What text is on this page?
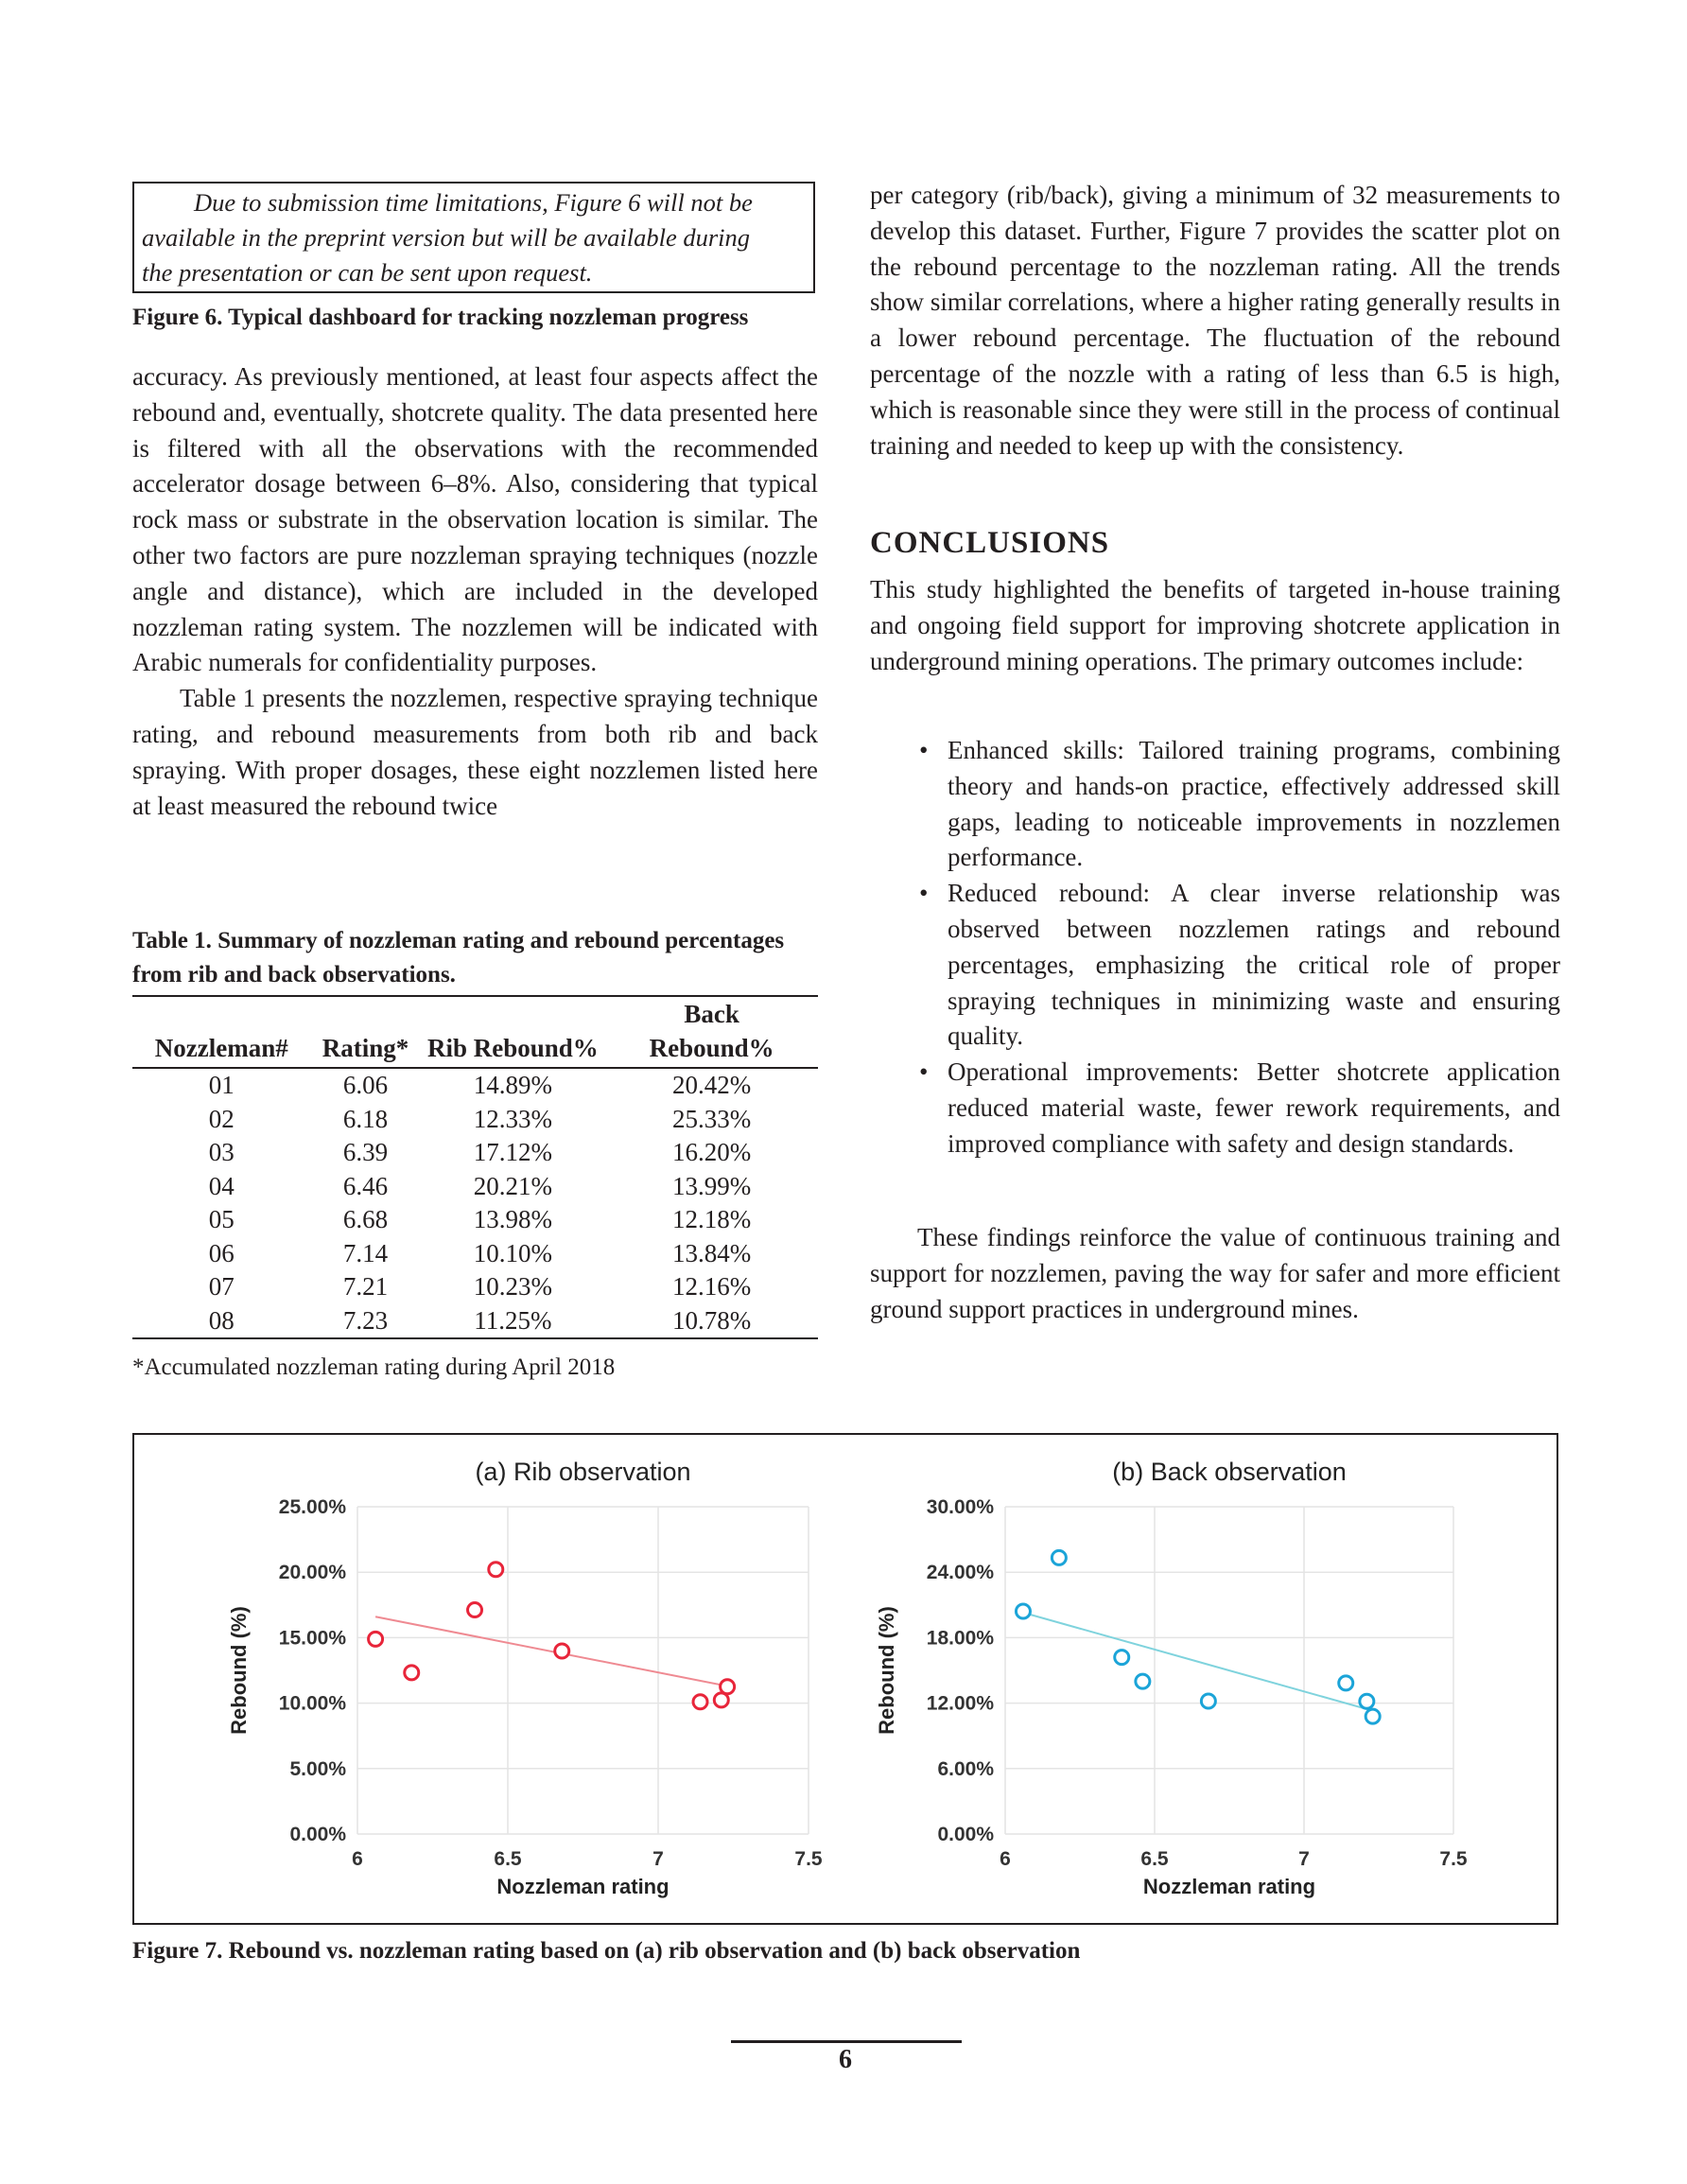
Due to submission time limitations, Figure 6 will not be
available in the preprint version but will be available during
the presentation or can be sent upon request.
Figure 6. Typical dashboard for tracking nozzleman progress

accuracy. As previously mentioned, at least four aspects affect the rebound and, eventually, shotcrete quality. The data presented here is filtered with all the observations with the recommended accelerator dosage between 6–8%. Also, considering that typical rock mass or substrate in the observation location is similar. The other two factors are pure nozzleman spraying techniques (nozzle angle and distance), which are included in the developed nozzleman rating system. The nozzlemen will be indicated with Arabic numerals for confidentiality purposes.

Table 1 presents the nozzlemen, respective spraying technique rating, and rebound measurements from both rib and back spraying. With proper dosages, these eight nozzlemen listed here at least measured the rebound twice

Table 1. Summary of nozzleman rating and rebound percentages from rib and back observations.
			Back
Nozzleman#	Rating*	Rib Rebound%	Rebound%
01	6.06	14.89%	20.42%
02	6.18	12.33%	25.33%
03	6.39	17.12%	16.20%
04	6.46	20.21%	13.99%
05	6.68	13.98%	12.18%
06	7.14	10.10%	13.84%
07	7.21	10.23%	12.16%
08	7.23	11.25%	10.78%
*Accumulated nozzleman rating during April 2018

per category (rib/back), giving a minimum of 32 measurements to develop this dataset. Further, Figure 7 provides the scatter plot on the rebound percentage to the nozzleman rating. All the trends show similar correlations, where a higher rating generally results in a lower rebound percentage. The fluctuation of the rebound percentage of the nozzle with a rating of less than 6.5 is high, which is reasonable since they were still in the process of continual training and needed to keep up with the consistency.

CONCLUSIONS

This study highlighted the benefits of targeted in-house training and ongoing field support for improving shotcrete application in underground mining operations. The primary outcomes include:

• Enhanced skills: Tailored training programs, combining theory and hands-on practice, effectively addressed skill gaps, leading to noticeable improvements in nozzlemen performance.
• Reduced rebound: A clear inverse relationship was observed between nozzlemen ratings and rebound percentages, emphasizing the critical role of proper spraying techniques in minimizing waste and ensuring quality.
• Operational improvements: Better shotcrete application reduced material waste, fewer rework requirements, and improved compliance with safety and design standards.

These findings reinforce the value of continuous training and support for nozzlemen, paving the way for safer and more efficient ground support practices in underground mines.

0.00%
5.00%
10.00%
15.00%
20.00%
25.00%
6	6.5	7	7.5
(a) Rib observation
Nozzleman rating
Rebound (%)
0.00%
6.00%
12.00%
18.00%
24.00%
30.00%
6	6.5	7	7.5
(b) Back observation
Nozzleman rating
Rebound (%)
Figure 7. Rebound vs. nozzleman rating based on (a) rib observation and (b) back observation
6
